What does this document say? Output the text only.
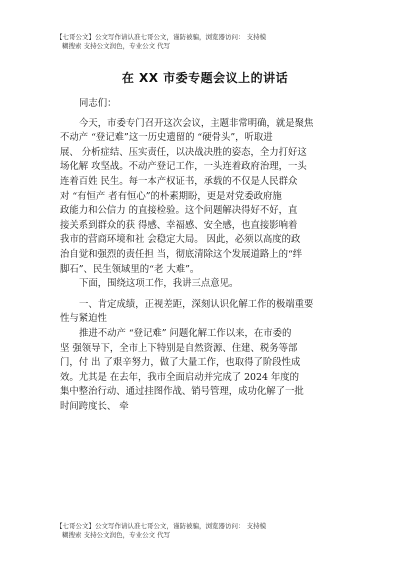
【七哥公文】公文写作请认准七哥公文，谨防被骗，浏览器访问： 支持模
糊搜索 支持公文润色，专业公文 代写
在 XX 市委专题会议上的讲话
同志们：
今天，市委专门召开这次会议，主题非常明确，就是聚焦
不动产 “登记难”这一历史遗留的 “硬骨头”，听取进
展、 分析症结、压实责任，以决战决胜的姿态，全力打好这
场化解 攻坚战。不动产登记工作，一头连着政府治理，一头
连着百姓 民生。每一本产权证书，承载的不仅是人民群众
对 “有恒产 者有恒心”的朴素期盼，更是对党委政府施
政能力和公信力 的直接检验。这个问题解决得好不好，直
接关系到群众的获 得感、幸福感、安全感，也直接影响着
我市的营商环境和社 会稳定大局。 因此，必须以高度的政
治自觉和强烈的责任担 当，彻底清除这个发展道路上的“绊
脚石”、民生领域里的“老 大难”。
下面，围绕这项工作，我讲三点意见。
一、肯定成绩，正视差距，深刻认识化解工作的极端重要
性与紧迫性
推进不动产 “登记难” 问题化解工作以来，在市委的
坚 强领导下，全市上下特别是自然资源、住建、税务等部
门，付 出 了艰辛努力，做了大量工作，也取得了阶段性成
效。尤其是 在去年，我市全面启动并完成了 2024 年度的
集中整治行动、通过挂图作战、销号管理，成功化解了一批
时间跨度长、 牵
【七哥公文】公文写作请认准七哥公文，谨防被骗，浏览器访问： 支持模
糊搜索 支持公文润色，专业公文 代写
